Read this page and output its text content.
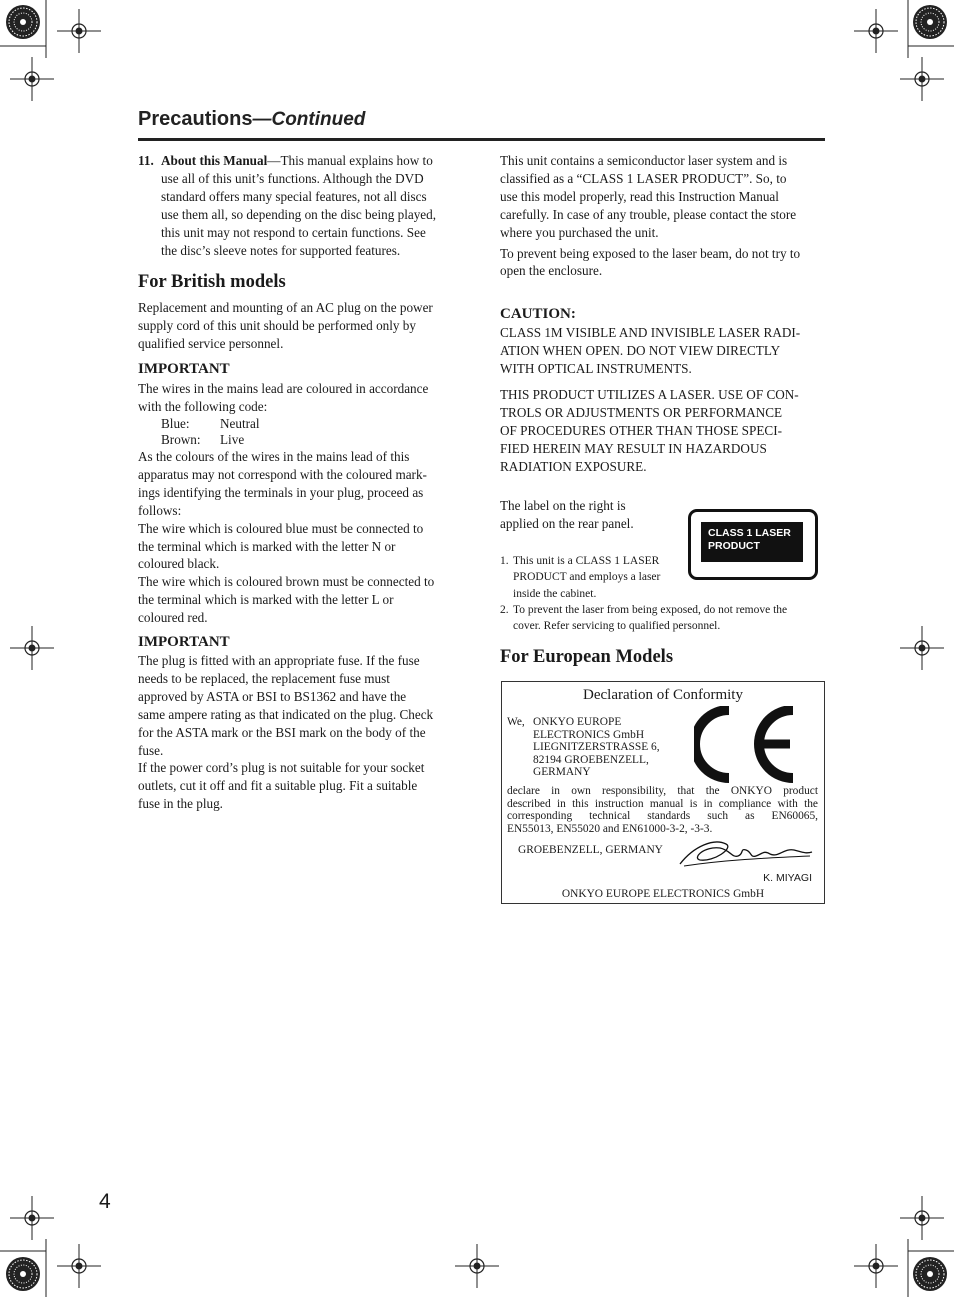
Precautions—Continued
11. About this Manual—This manual explains how to

use all of this unit’s functions. Although the DVD

standard offers many special features, not all discs

use them all, so depending on the disc being played,

this unit may not respond to certain functions. See

the disc’s sleeve notes for supported features.

For British models

Replacement and mounting of an AC plug on the power

supply cord of this unit should be performed only by

qualified service personnel.

IMPORTANT

The wires in the mains lead are coloured in accordance

with the following code:

Blue: Neutral
Brown: Live

As the colours of the wires in the mains lead of this

apparatus may not correspond with the coloured mark-

ings identifying the terminals in your plug, proceed as

follows:

The wire which is coloured blue must be connected to

the terminal which is marked with the letter N or

coloured black.

The wire which is coloured brown must be connected to

the terminal which is marked with the letter L or

coloured red.

IMPORTANT

The plug is fitted with an appropriate fuse. If the fuse

needs to be replaced, the replacement fuse must

approved by ASTA or BSI to BS1362 and have the

same ampere rating as that indicated on the plug. Check

for the ASTA mark or the BSI mark on the body of the

fuse.

If the power cord’s plug is not suitable for your socket

outlets, cut it off and fit a suitable plug. Fit a suitable

fuse in the plug.

This unit contains a semiconductor laser system and is

classified as a “CLASS 1 LASER PRODUCT”. So, to

use this model properly, read this Instruction Manual

carefully. In case of any trouble, please contact the store

where you purchased the unit.

To prevent being exposed to the laser beam, do not try to

open the enclosure.

CAUTION:

CLASS 1M VISIBLE AND INVISIBLE LASER RADI-

ATION WHEN OPEN. DO NOT VIEW DIRECTLY

WITH OPTICAL INSTRUMENTS.

THIS PRODUCT UTILIZES A LASER. USE OF CON-

TROLS OR ADJUSTMENTS OR PERFORMANCE

OF PROCEDURES OTHER THAN THOSE SPECI-

FIED HEREIN MAY RESULT IN HAZARDOUS

RADIATION EXPOSURE.

The label on the right is

applied on the rear panel.

CLASS 1 LASER
PRODUCT
1. This unit is a CLASS 1 LASER

PRODUCT and employs a laser

inside the cabinet.

2. To prevent the laser from being exposed, do not remove the

cover. Refer servicing to qualified personnel.

For European Models
Declaration of Conformity
We, ONKYO EUROPE
ELECTRONICS GmbH
LIEGNITZERSTRASSE 6,
82194 GROEBENZELL,
GERMANY
declare in own responsibility, that the ONKYO product
described in this instruction manual is in compliance with the
corresponding technical standards such as EN60065,
EN55013, EN55020 and EN61000-3-2, -3-3.
GROEBENZELL, GERMANY
K. MIYAGI
ONKYO EUROPE ELECTRONICS GmbH
4
